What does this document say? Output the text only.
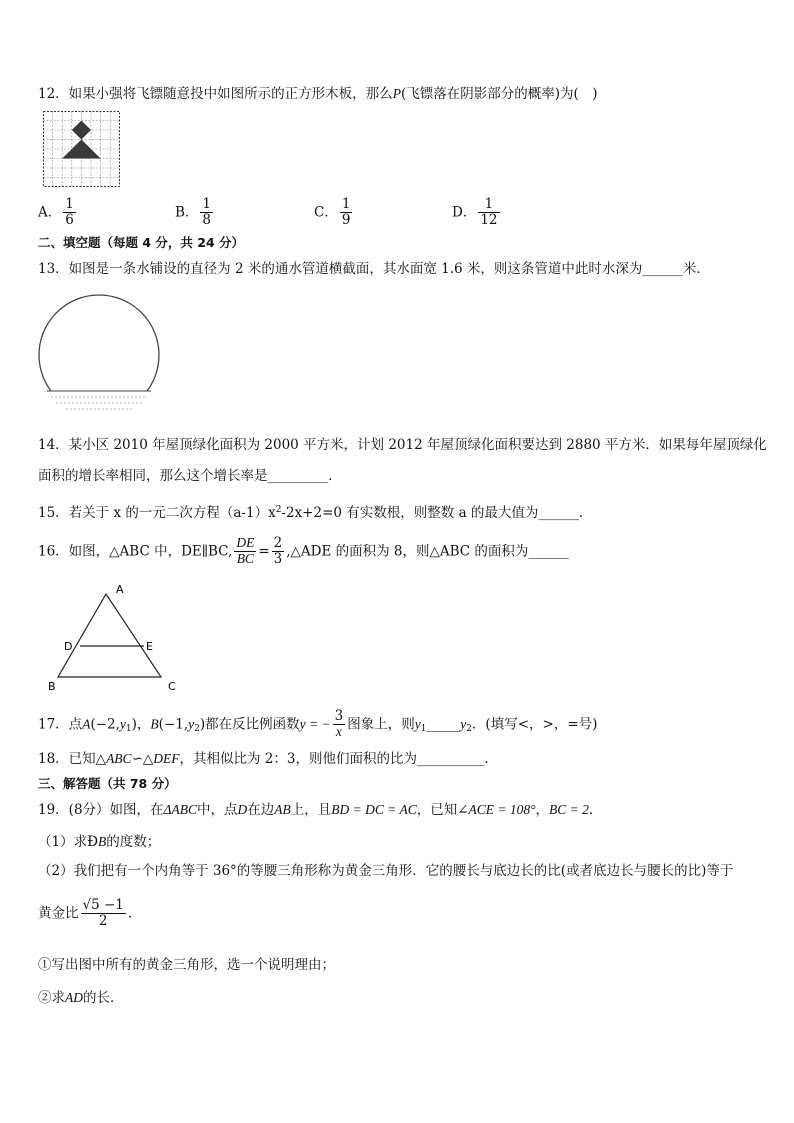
12．如果小强将飞镖随意投中如图所示的正方形木板，那么P(飞镖落在阴影部分的概率)为(　)
A． $\frac{1}{6}$	B． $\frac{1}{8}$	C． $\frac{1}{9}$	D． $\frac{1}{12}$
二、填空题（每题 4 分，共 24 分）
13．如图是一条水铺设的直径为 2 米的通水管道横截面，其水面宽 1.6 米，则这条管道中此时水深为______米．
14．某小区 2010 年屋顶绿化面积为 2000 平方米，计划 2012 年屋顶绿化面积要达到 2880 平方米．如果每年屋顶绿化
面积的增长率相同，那么这个增长率是_________．
15．若关于 x 的一元二次方程$(a-1)x^2-2x+2=0$ 有实数根，则整数 a 的最大值为______．
16．如图，△ABC 中，DE∥BC, $\frac{DE}{BC} = \frac{2}{3}$ ,△ADE 的面积为 8，则△ABC 的面积为______
A
D	E
B	C
17．点$A(-2,y_1)$，$B(-1,y_2)$都在反比例函数y = − $\frac{3}{x}$ 图象上，则$y_1\_\_\_\_\_y_2$．(填写<，>，=号)
18．已知△ABC∽△DEF，其相似比为 2：3，则他们面积的比为__________．
三、解答题（共 78 分）
19．(8分）如图，在ΔABC中，点D在边AB上，且BD = DC = AC，已知∠ACE = 108°，BC = 2．
（1）求ÐB的度数；
（2）我们把有一个内角等于 36°的等腰三角形称为黄金三角形．它的腰长与底边长的比(或者底边长与腰长的比)等于
黄金比 $\frac{√5 -1}{2}$ ．
①写出图中所有的黄金三角形，选一个说明理由；
②求AD的长．
